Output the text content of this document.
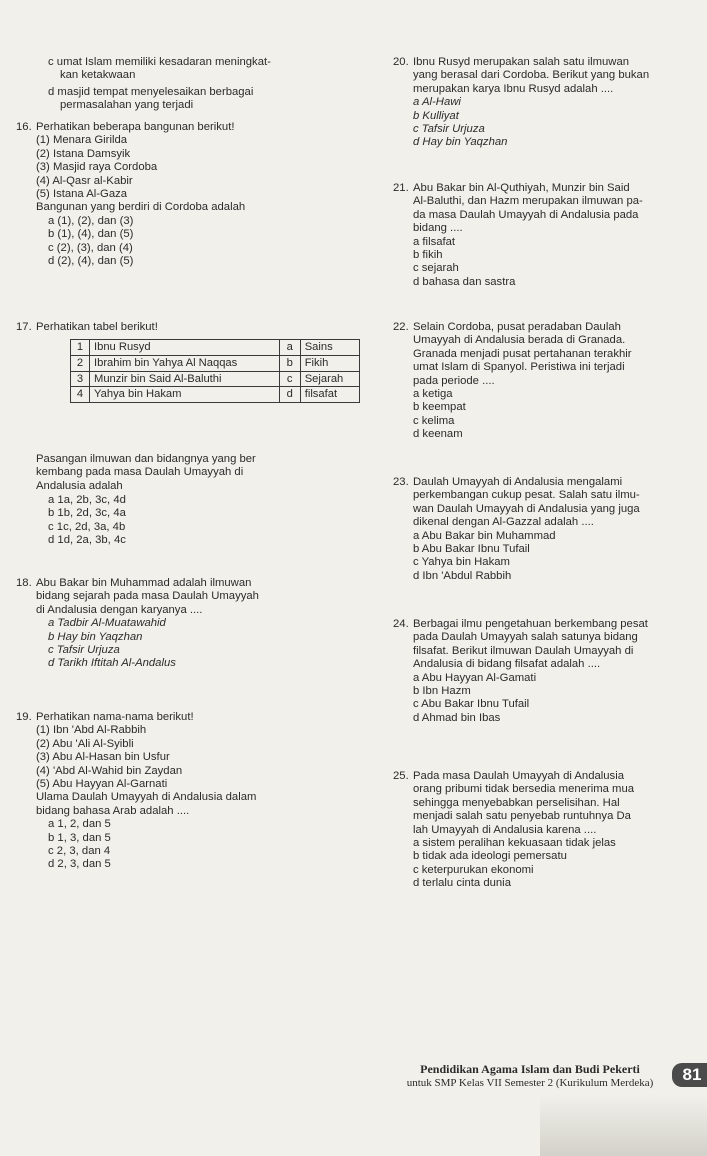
c umat Islam memiliki kesadaran meningkat-
kan ketakwaan
d masjid tempat menyelesaikan berbagai
permasalahan yang terjadi
16. Perhatikan beberapa bangunan berikut!
(1) Menara Girilda
(2) Istana Damsyik
(3) Masjid raya Cordoba
(4) Al-Qasr al-Kabir
(5) Istana Al-Gaza
Bangunan yang berdiri di Cordoba adalah
a (1), (2), dan (3)
b (1), (4), dan (5)
c (2), (3), dan (4)
d (2), (4), dan (5)
17. Perhatikan tabel berikut!
1	Ibnu Rusyd	a	Sains
2	Ibrahim bin Yahya Al Naqqas	b	Fikih
3	Munzir bin Said Al-Baluthi	c	Sejarah
4	Yahya bin Hakam	d	filsafat
Pasangan ilmuwan dan bidangnya yang ber
kembang pada masa Daulah Umayyah di
Andalusia adalah
a 1a, 2b, 3c, 4d
b 1b, 2d, 3c, 4a
c 1c, 2d, 3a, 4b
d 1d, 2a, 3b, 4c
18. Abu Bakar bin Muhammad adalah ilmuwan
bidang sejarah pada masa Daulah Umayyah
di Andalusia dengan karyanya ....
a Tadbir Al-Muatawahid
b Hay bin Yaqzhan
c Tafsir Urjuza
d Tarikh Iftitah Al-Andalus
19. Perhatikan nama-nama berikut!
(1) Ibn 'Abd Al-Rabbih
(2) Abu 'Ali Al-Syibli
(3) Abu Al-Hasan bin Usfur
(4) 'Abd Al-Wahid bin Zaydan
(5) Abu Hayyan Al-Garnati
Ulama Daulah Umayyah di Andalusia dalam
bidang bahasa Arab adalah ....
a 1, 2, dan 5
b 1, 3, dan 5
c 2, 3, dan 4
d 2, 3, dan 5
20. Ibnu Rusyd merupakan salah satu ilmuwan
yang berasal dari Cordoba. Berikut yang bukan
merupakan karya Ibnu Rusyd adalah ....
a Al-Hawi
b Kulliyat
c Tafsir Urjuza
d Hay bin Yaqzhan
21. Abu Bakar bin Al-Quthiyah, Munzir bin Said
Al-Baluthi, dan Hazm merupakan ilmuwan pa-
da masa Daulah Umayyah di Andalusia pada
bidang ....
a filsafat
b fikih
c sejarah
d bahasa dan sastra
22. Selain Cordoba, pusat peradaban Daulah
Umayyah di Andalusia berada di Granada.
Granada menjadi pusat pertahanan terakhir
umat Islam di Spanyol. Peristiwa ini terjadi
pada periode ....
a ketiga
b keempat
c kelima
d keenam
23. Daulah Umayyah di Andalusia mengalami
perkembangan cukup pesat. Salah satu ilmu-
wan Daulah Umayyah di Andalusia yang juga
dikenal dengan Al-Gazzal adalah ....
a Abu Bakar bin Muhammad
b Abu Bakar Ibnu Tufail
c Yahya bin Hakam
d Ibn 'Abdul Rabbih
24. Berbagai ilmu pengetahuan berkembang pesat
pada Daulah Umayyah salah satunya bidang
filsafat. Berikut ilmuwan Daulah Umayyah di
Andalusia di bidang filsafat adalah ....
a Abu Hayyan Al-Gamati
b Ibn Hazm
c Abu Bakar Ibnu Tufail
d Ahmad bin Ibas
25. Pada masa Daulah Umayyah di Andalusia
orang pribumi tidak bersedia menerima mua
sehingga menyebabkan perselisihan. Hal
menjadi salah satu penyebab runtuhnya Da
lah Umayyah di Andalusia karena ....
a sistem peralihan kekuasaan tidak jelas
b tidak ada ideologi pemersatu
c keterpurukan ekonomi
d terlalu cinta dunia
Pendidikan Agama Islam dan Budi Pekerti
untuk SMP Kelas VII Semester 2 (Kurikulum Merdeka)	81
